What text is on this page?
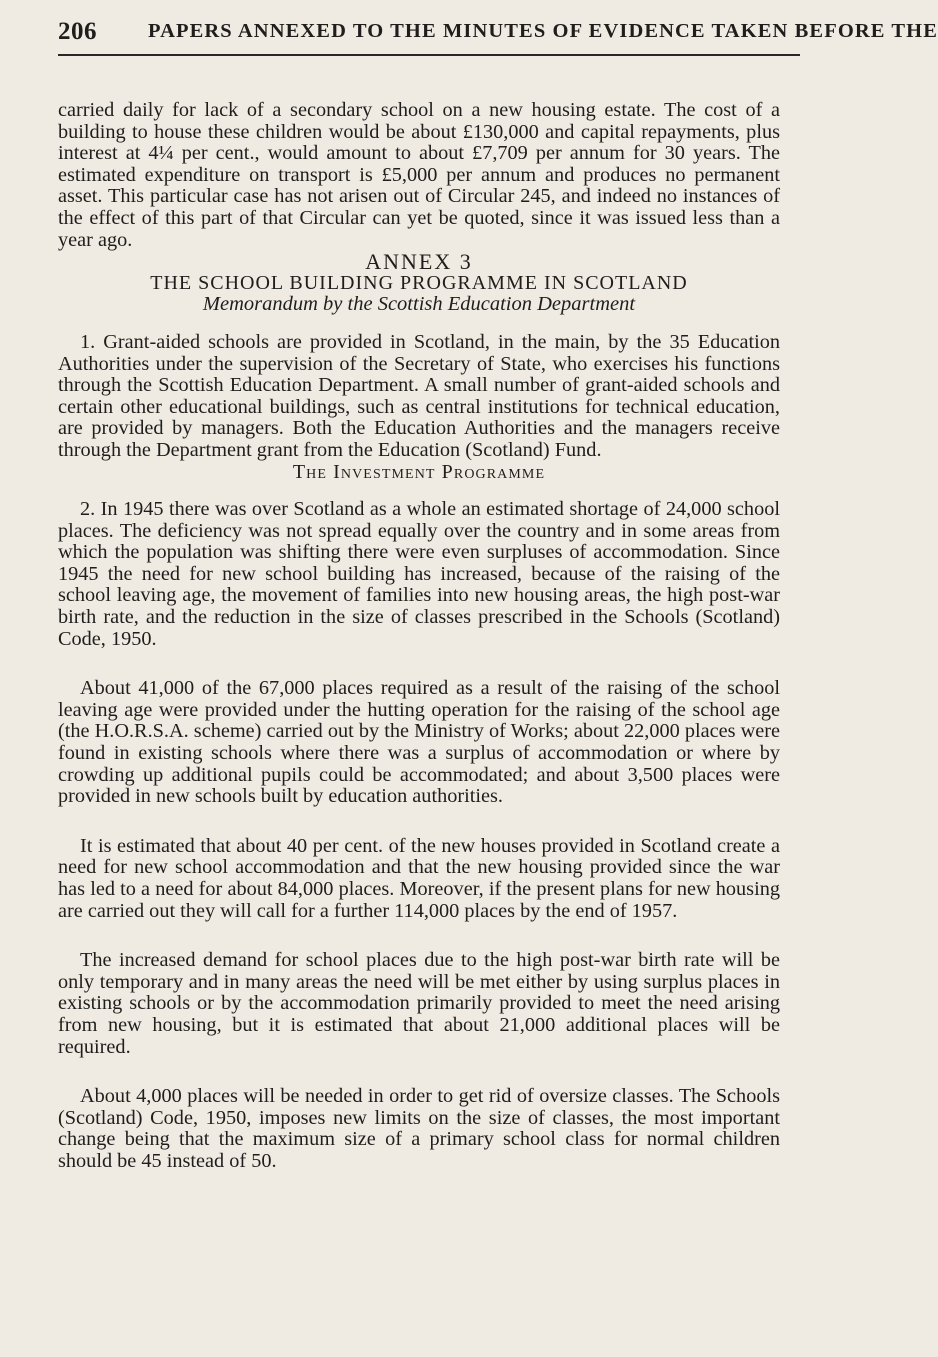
206 PAPERS ANNEXED TO THE MINUTES OF EVIDENCE TAKEN BEFORE THE

carried daily for lack of a secondary school on a new housing estate. The cost of a building to house these children would be about £130,000 and capital repayments, plus interest at 4¼ per cent., would amount to about £7,709 per annum for 30 years. The estimated expenditure on transport is £5,000 per annum and produces no permanent asset. This particular case has not arisen out of Circular 245, and indeed no instances of the effect of this part of that Circular can yet be quoted, since it was issued less than a year ago.

ANNEX 3

THE SCHOOL BUILDING PROGRAMME IN SCOTLAND

Memorandum by the Scottish Education Department

1. Grant-aided schools are provided in Scotland, in the main, by the 35 Education Authorities under the supervision of the Secretary of State, who exercises his functions through the Scottish Education Department. A small number of grant-aided schools and certain other educational buildings, such as central institutions for technical education, are provided by managers. Both the Education Authorities and the managers receive through the Department grant from the Education (Scotland) Fund.

The Investment Programme

2. In 1945 there was over Scotland as a whole an estimated shortage of 24,000 school places. The deficiency was not spread equally over the country and in some areas from which the population was shifting there were even surpluses of accommodation. Since 1945 the need for new school building has increased, because of the raising of the school leaving age, the movement of families into new housing areas, the high post-war birth rate, and the reduction in the size of classes prescribed in the Schools (Scotland) Code, 1950.

About 41,000 of the 67,000 places required as a result of the raising of the school leaving age were provided under the hutting operation for the raising of the school age (the H.O.R.S.A. scheme) carried out by the Ministry of Works; about 22,000 places were found in existing schools where there was a surplus of accommodation or where by crowding up additional pupils could be accommodated; and about 3,500 places were provided in new schools built by education authorities.

It is estimated that about 40 per cent. of the new houses provided in Scotland create a need for new school accommodation and that the new housing provided since the war has led to a need for about 84,000 places. Moreover, if the present plans for new housing are carried out they will call for a further 114,000 places by the end of 1957.

The increased demand for school places due to the high post-war birth rate will be only temporary and in many areas the need will be met either by using surplus places in existing schools or by the accommodation primarily provided to meet the need arising from new housing, but it is estimated that about 21,000 additional places will be required.

About 4,000 places will be needed in order to get rid of oversize classes. The Schools (Scotland) Code, 1950, imposes new limits on the size of classes, the most important change being that the maximum size of a primary school class for normal children should be 45 instead of 50.
